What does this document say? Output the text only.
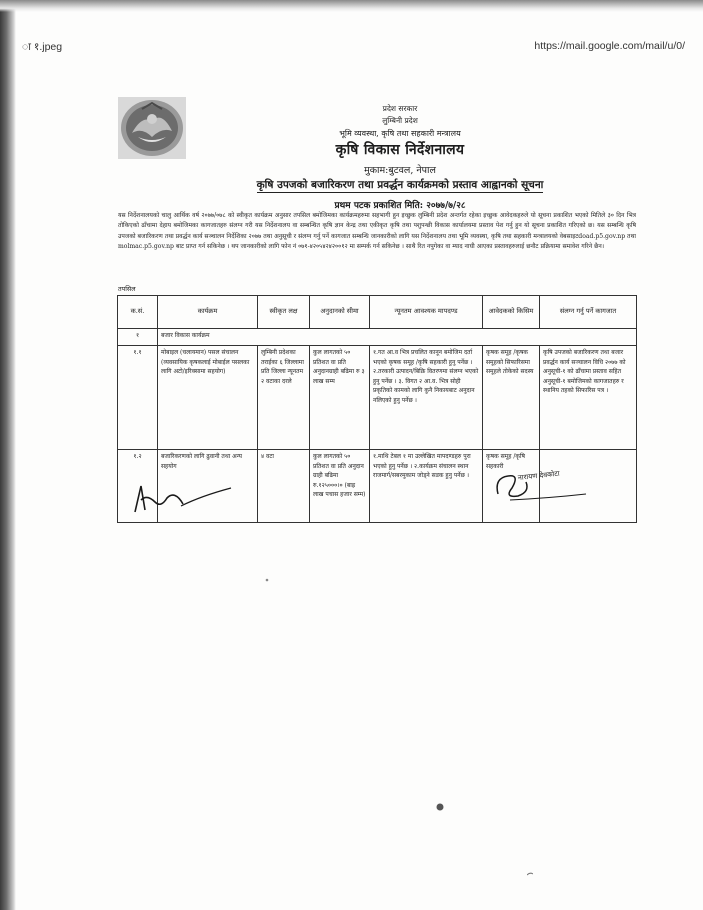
ा १.jpeg	https://mail.google.com/mail/u/0/
प्रदेश सरकार
लुम्बिनी प्रदेश
भूमि व्यवस्था, कृषि तथा सहकारी मन्त्रालय
कृषि विकास निर्देशनालय
मुकाम:बुटवल, नेपाल
कृषि उपजको बजारिकरण तथा प्रवर्द्धन कार्यक्रमको प्रस्ताव आह्वानको सूचना
प्रथम पटक प्रकाशित मिति: २०७७/७/२८

यस निर्देशनालयको चालु आर्थिक वर्ष २०७७/०७८ को स्वीकृत कार्यक्रम अनुसार तपसिल बमोजिमका कार्यक्रमहरुमा सहभागी हुन इच्छुक लुम्बिनी प्रदेश अन्तर्गत रहेका इच्छुक आवेदकहरुले यो सूचना प्रकाशित भएको मितिले ३० दिन भित्र तोकिएको ढाँचामा देहाय बमोजिमका कागजातहरु संलग्न गरी यस निर्देशनालय वा सम्बन्धित कृषि ज्ञान केन्द्र तथा एकीकृत कृषि तथा पशुपन्छी विकास कार्यालयमा प्रस्ताव पेश गर्नु हुन यो सूचना प्रकाशित गरिएको छ। यस सम्बन्धि कृषि उपजको बजारिकरण तथा प्रवर्द्धन कार्य सञ्चालन निर्देशिका २०७७ तथा अनुसूची र संलग्न गर्नु पर्ने कागजात सम्बन्धि जानकारीको लागि यस निर्देशनालय तथा भूमि व्यवस्था, कृषि तथा सहकारी मन्त्रालयको वेबसाइटdoad.p5.gov.np तथा molmac.p5.gov.np बाट प्राप्त गर्न सकिनेछ । थप जानकारीको लागि फोन नं ०७१-४२०५४२४२००१२ मा सम्पर्क गर्न सकिनेछ । साथै रित नपुगेका वा म्याद नाघी आएका प्रस्तावहरुलाई छनौट प्रक्रियामा समावेश गरिने छैन।

तपसिल
क.सं.	कार्यक्रम	स्वीकृत लक्ष	अनुदानको सीमा	न्यूनतम आवश्यक मापदण्ड	आवेदकको किसिम	संलग्न गर्नु पर्ने कागजात
१	बजार विकास कार्यक्रम					
१.१	मोबाइल (चलायमान) पसल संचालन (व्यवसायिक कृषकलाई मोबाईल पसलका लागि अटो/इरिक्सामा सहयोग)	लुम्बिनी प्रदेशका तराईका ६ जिल्लामा प्रति जिल्ला न्यूनतम २ वटाका दरले	कुल लागतको ५० प्रतिशत वा प्रति अनुदानग्राही बढिमा रु ३ लाख सम्म	१.गत आ.व भित्र प्रचलित कानून बमोजिम दर्ता भएको कृषक समूह /कृषि सहकारी हुनु पर्नेछ । २.तरकारी उत्पादन/बिक्रि वितरणमा संलग्न भएको हुनु पर्नेछ । ३. विगत २ आ.व. भित्र सोही प्रकृतिको कामको लागि कुनै निकायबाट अनुदान नलिएको हुनु पर्नेछ ।	कृषक समूह /कृषक समूहको सिफारिसमा समूहले तोकेको सदस्य	कृषि उपजको बजारिकरण तथा बजार प्रवर्द्धन कार्य सञ्चालन विधि २०७७ को अनुसूची-१ को ढाँचामा प्रस्ताव सहित अनुसूची-१ बमोजिमको कागजातहरु र स्थानिय तहको सिफारिस पत्र ।
१.२	बजारिकरणको लागि ढुवानी तथा अन्य सहयोग	४ वटा	कुल लागतको ५० प्रतिशत वा प्रति अनुदान ग्राही बढिमा रु.१२५०००।० (बाह्र लाख पचास हजार सम्म)	१.माथि टेबल १ मा उल्लेखित मापदण्डहरु पुरा भएको हुनु पर्नेछ । २.कार्यक्रम संचालन स्थान राजमार्ग/सबरमुकाम जोड्ने सडक हुनु पर्नेछ ।	कृषक समूह /कृषि सहकारी	
नारायण देवकोटा
